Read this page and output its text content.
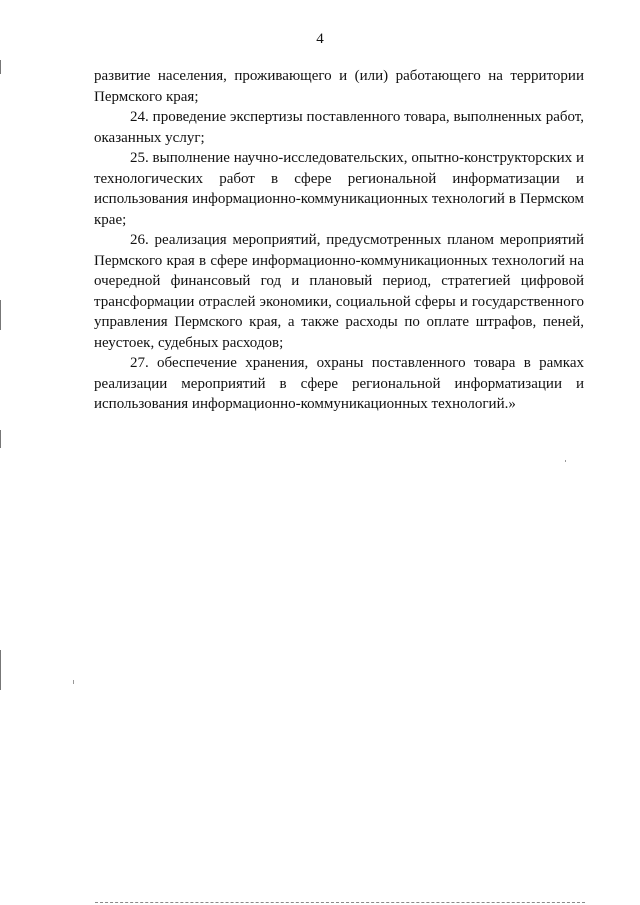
4

развитие населения, проживающего и (или) работающего на территории Пермского края;

24. проведение экспертизы поставленного товара, выполненных работ, оказанных услуг;

25. выполнение научно-исследовательских, опытно-конструкторских и технологических работ в сфере региональной информатизации и использования информационно-коммуникационных технологий в Пермском крае;

26. реализация мероприятий, предусмотренных планом мероприятий Пермского края в сфере информационно-коммуникационных технологий на очередной финансовый год и плановый период, стратегией цифровой трансформации отраслей экономики, социальной сферы и государственного управления Пермского края, а также расходы по оплате штрафов, пеней, неустоек, судебных расходов;

27. обеспечение хранения, охраны поставленного товара в рамках реализации мероприятий в сфере региональной информатизации и использования информационно-коммуникационных технологий.»
